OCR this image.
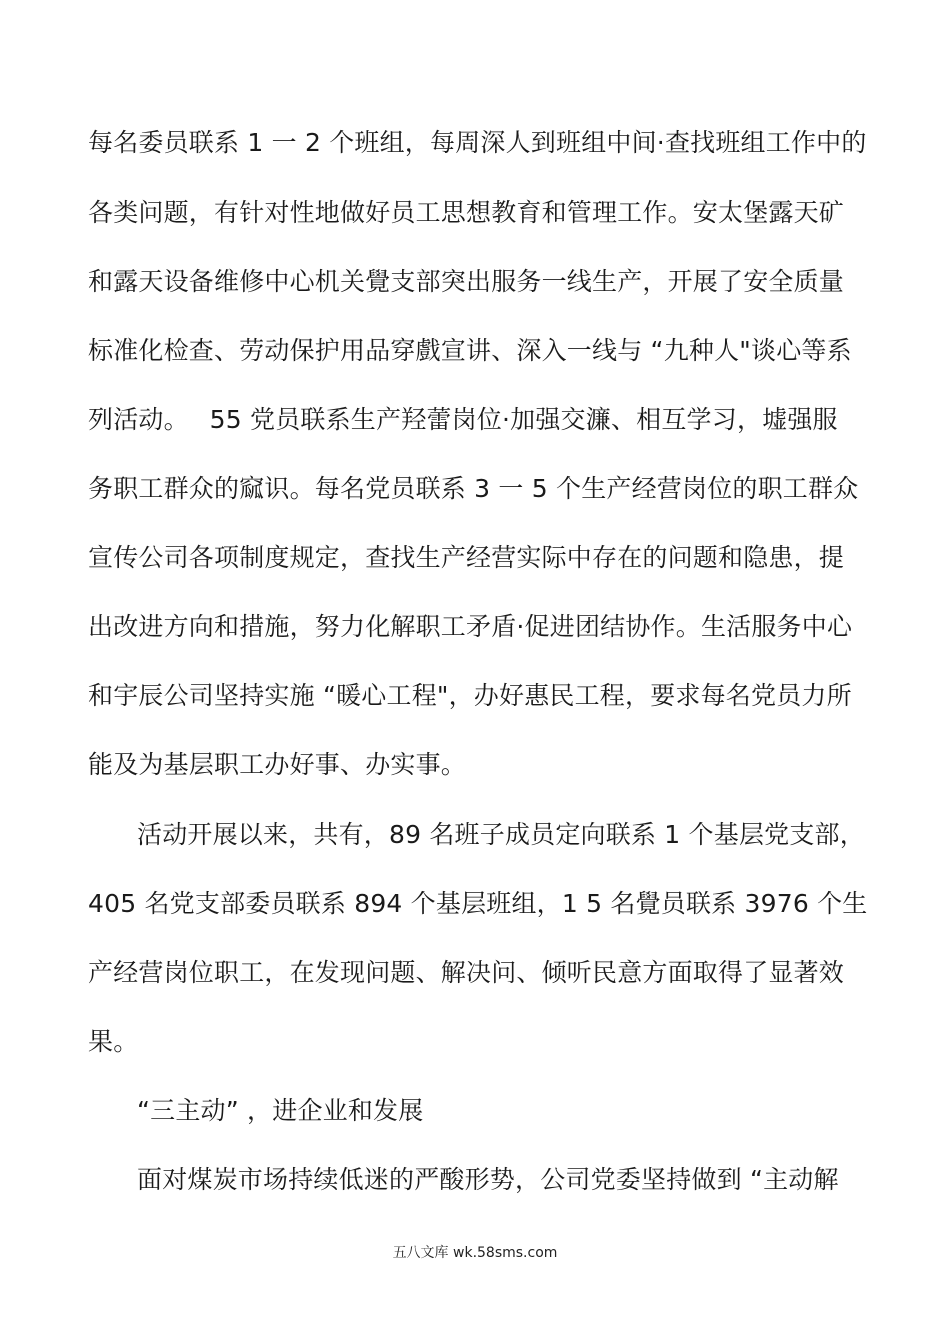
每名委员联系 1 一 2 个班组，每周深人到班组中间·查找班组工作中的
各类问题，有针对性地做好员工思想教育和管理工作。安太堡露天矿
和露天设备维修中心机关覺支部突出服务一线生产，开展了安全质量
标准化检查、劳动保护用品穿戲宣讲、深入一线与 “九种人"谈心等系
列活动。　 55 党员联系生产羟蕾岗位·加强交濂、相互学习，墟强服
务职工群众的窳识。每名党员联系 3 一 5 个生产经营岗位的职工群众
宣传公司各项制度规定，查找生产经营实际中存在的问题和隐患，提
出改进方向和措施，努力化解职工矛盾·促进团结协作。生活服务中心
和宇辰公司坚持实施 “暖心工程"，办好惠民工程，要求每名党员力所
能及为基层职工办好事、办实事。
活动开展以来，共有，89 名班子成员定向联系 1 个基层党支部，
405 名党支部委员联系 894 个基层班组，1 5 名覺员联系 3976 个生
产经营岗位职工，在发现问题、解决问、倾听民意方面取得了显著效
果。
“三主动” ，进企业和发展
面对煤炭市场持续低迷的严酸形势，公司党委坚持做到 “主动解
五八文库 wk.58sms.com
